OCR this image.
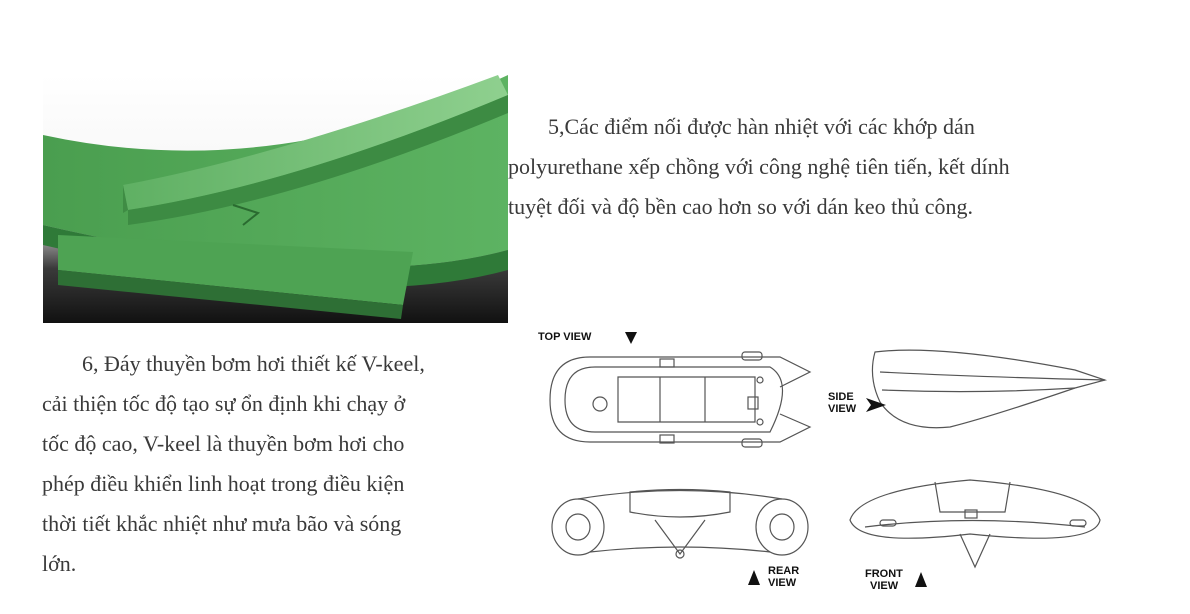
5,Các điểm nối được hàn nhiệt với các khớp dán
polyurethane xếp chồng với công nghệ tiên tiến, kết dính
tuyệt đối và độ bền cao hơn so với dán keo thủ công.
6, Đáy thuyền bơm hơi thiết kế V-keel,
cải thiện tốc độ tạo sự ổn định khi chạy ở
tốc độ cao, V-keel là thuyền bơm hơi cho
phép điều khiển linh hoạt trong điều kiện
thời tiết khắc nhiệt như mưa bão và sóng
lớn.
TOP VIEW
SIDE
VIEW
REAR
VIEW
FRONT
VIEW
